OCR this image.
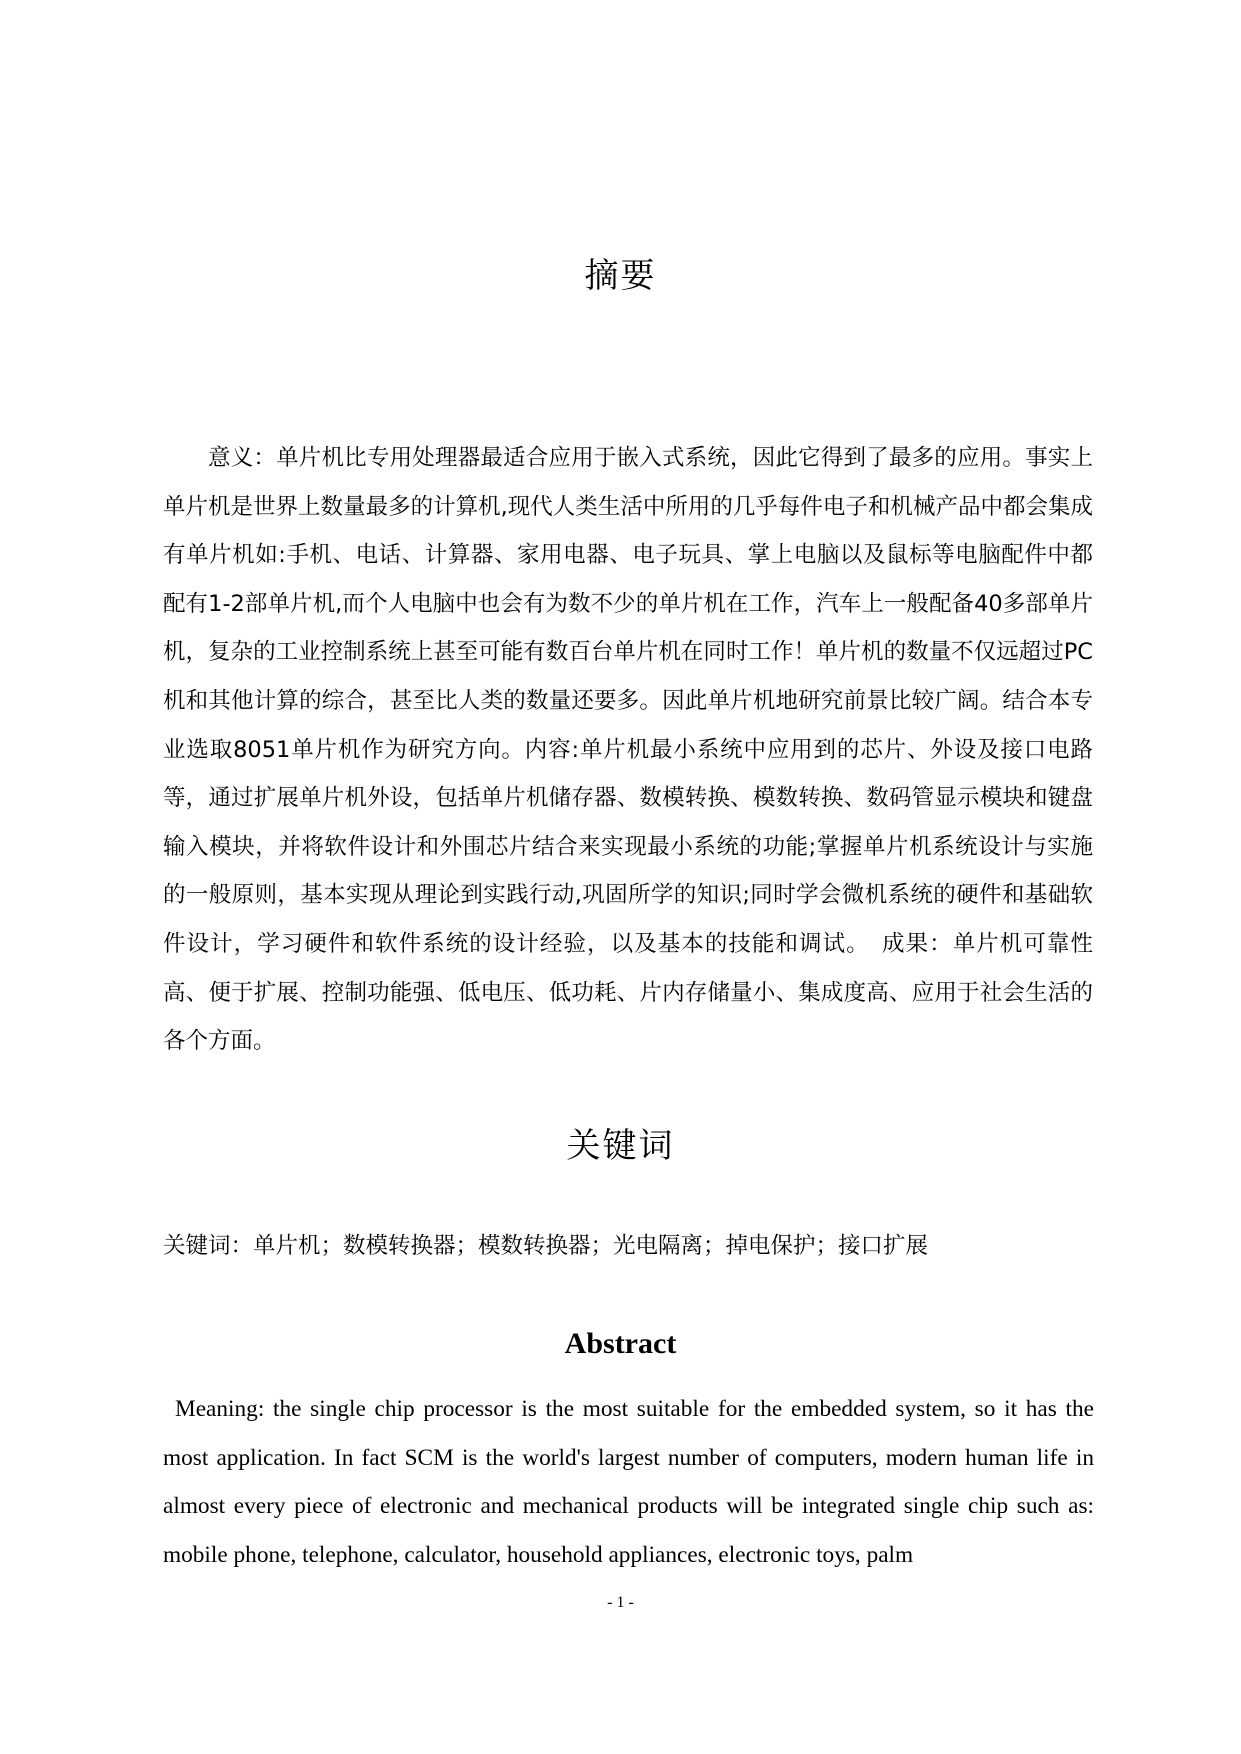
摘要

意义：单片机比专用处理器最适合应用于嵌入式系统，因此它得到了最多的应用。事实上单片机是世界上数量最多的计算机,现代人类生活中所用的几乎每件电子和机械产品中都会集成有单片机如:手机、电话、计算器、家用电器、电子玩具、掌上电脑以及鼠标等电脑配件中都配有1-2部单片机,而个人电脑中也会有为数不少的单片机在工作，汽车上一般配备40多部单片机，复杂的工业控制系统上甚至可能有数百台单片机在同时工作！单片机的数量不仅远超过PC机和其他计算的综合，甚至比人类的数量还要多。因此单片机地研究前景比较广阔。结合本专业选取8051单片机作为研究方向。内容:单片机最小系统中应用到的芯片、外设及接口电路等，通过扩展单片机外设，包括单片机储存器、数模转换、模数转换、数码管显示模块和键盘输入模块，并将软件设计和外围芯片结合来实现最小系统的功能;掌握单片机系统设计与实施的一般原则，基本实现从理论到实践行动,巩固所学的知识;同时学会微机系统的硬件和基础软件设计，学习硬件和软件系统的设计经验，以及基本的技能和调试。　成果：单片机可靠性高、便于扩展、控制功能强、低电压、低功耗、片内存储量小、集成度高、应用于社会生活的各个方面。

关键词

关键词：单片机；数模转换器；模数转换器；光电隔离；掉电保护；接口扩展

Abstract

Meaning: the single chip processor is the most suitable for the embedded system, so it has the most application. In fact SCM is the world's largest number of computers, modern human life in almost every piece of electronic and mechanical products will be integrated single chip such as: mobile phone, telephone, calculator, household appliances, electronic toys, palm

- 1 -
